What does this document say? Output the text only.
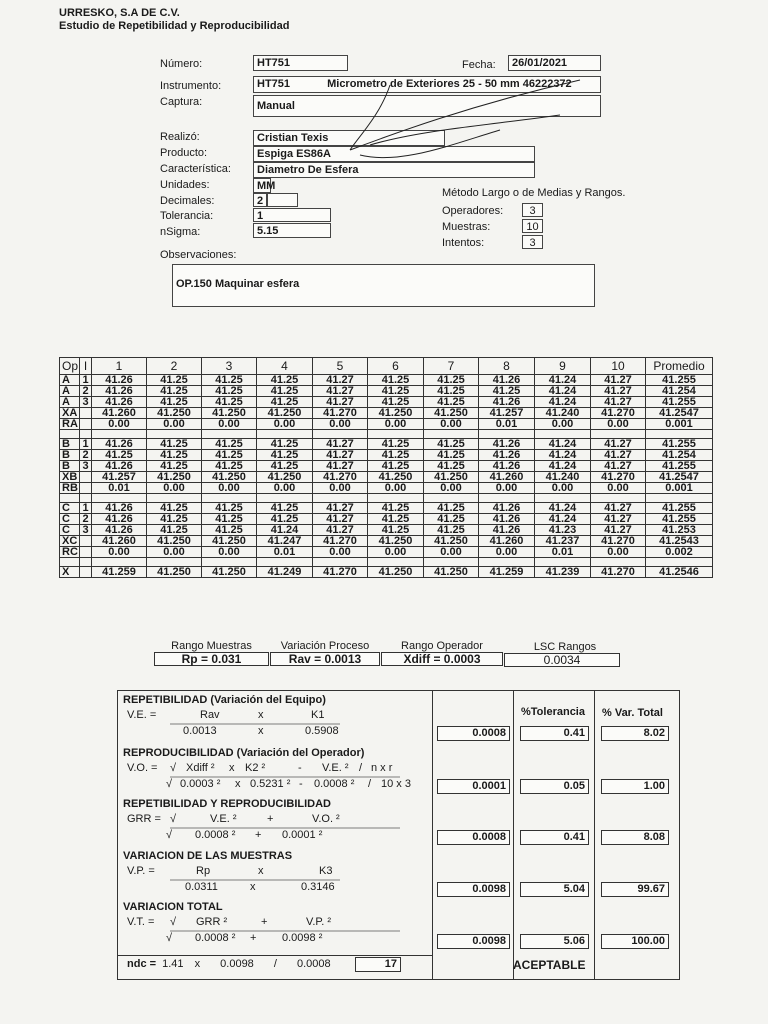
URRESKO, S.A DE C.V.
Estudio de Repetibilidad y Reproducibilidad
Número:	HT751	Fecha:	26/01/2021
Instrumento:	HT751	Micrometro de Exteriores 25 - 50 mm 46222372
Captura:	Manual
Realizó:	Cristian Texis
Producto:	Espiga ES86A
Característica:	Diametro De Esfera
Unidades:	MM
Decimales:	2
Tolerancia:	1
nSigma:	5.15
Método Largo o de Medias y Rangos.
Operadores:	3
Muestras:	10
Intentos:	3
Observaciones:
OP.150 Maquinar esfera
Op	I	1	2	3	4	5	6	7	8	9	10	Promedio
A	1	41.26	41.25	41.25	41.25	41.27	41.25	41.25	41.26	41.24	41.27	41.255
A	2	41.26	41.25	41.25	41.25	41.27	41.25	41.25	41.25	41.24	41.27	41.254
A	3	41.26	41.25	41.25	41.25	41.27	41.25	41.25	41.26	41.24	41.27	41.255
XA		41.260	41.250	41.250	41.250	41.270	41.250	41.250	41.257	41.240	41.270	41.2547
RA		0.00	0.00	0.00	0.00	0.00	0.00	0.00	0.01	0.00	0.00	0.001

B	1	41.26	41.25	41.25	41.25	41.27	41.25	41.25	41.26	41.24	41.27	41.255
B	2	41.25	41.25	41.25	41.25	41.27	41.25	41.25	41.26	41.24	41.27	41.254
B	3	41.26	41.25	41.25	41.25	41.27	41.25	41.25	41.26	41.24	41.27	41.255
XB		41.257	41.250	41.250	41.250	41.270	41.250	41.250	41.260	41.240	41.270	41.2547
RB		0.01	0.00	0.00	0.00	0.00	0.00	0.00	0.00	0.00	0.00	0.001

C	1	41.26	41.25	41.25	41.25	41.27	41.25	41.25	41.26	41.24	41.27	41.255
C	2	41.26	41.25	41.25	41.25	41.27	41.25	41.25	41.26	41.24	41.27	41.255
C	3	41.26	41.25	41.25	41.24	41.27	41.25	41.25	41.26	41.23	41.27	41.253
XC		41.260	41.250	41.250	41.247	41.270	41.250	41.250	41.260	41.237	41.270	41.2543
RC		0.00	0.00	0.00	0.01	0.00	0.00	0.00	0.00	0.01	0.00	0.002

X		41.259	41.250	41.250	41.249	41.270	41.250	41.250	41.259	41.239	41.270	41.2546
Rango Muestras
Rp = 0.031
Variación Proceso
Rav = 0.0013
Rango Operador
Xdiff = 0.0003
LSC Rangos
0.0034
%Tolerancia % Var. Total
REPETIBILIDAD (Variación del Equipo)
V.E. =	Rav	x	K1
0.0013	x	0.5908	0.0008	0.41	8.02
REPRODUCIBILIDAD (Variación del Operador)
V.O. = √ Xdiff ² x K2 ²	- V.E. ² / n x r
√ 0.0003 ² x 0.5231 ² - 0.0008 ² / 10 x 3	0.0001	0.05	1.00
REPETIBILIDAD Y REPRODUCIBILIDAD
GRR = √	V.E. ²	+	V.O. ²
√ 0.0008 ² + 0.0001 ²	0.0008	0.41	8.08
VARIACION DE LAS MUESTRAS
V.P. =	Rp	x	K3
0.0311	x	0.3146	0.0098	5.04	99.67
VARIACION TOTAL
V.T. = √ GRR ²	+	V.P. ²
√ 0.0008 ² + 0.0098 ²	0.0098	5.06	100.00
ndc = 1.41 x 0.0098 / 0.0008	17	ACEPTABLE
